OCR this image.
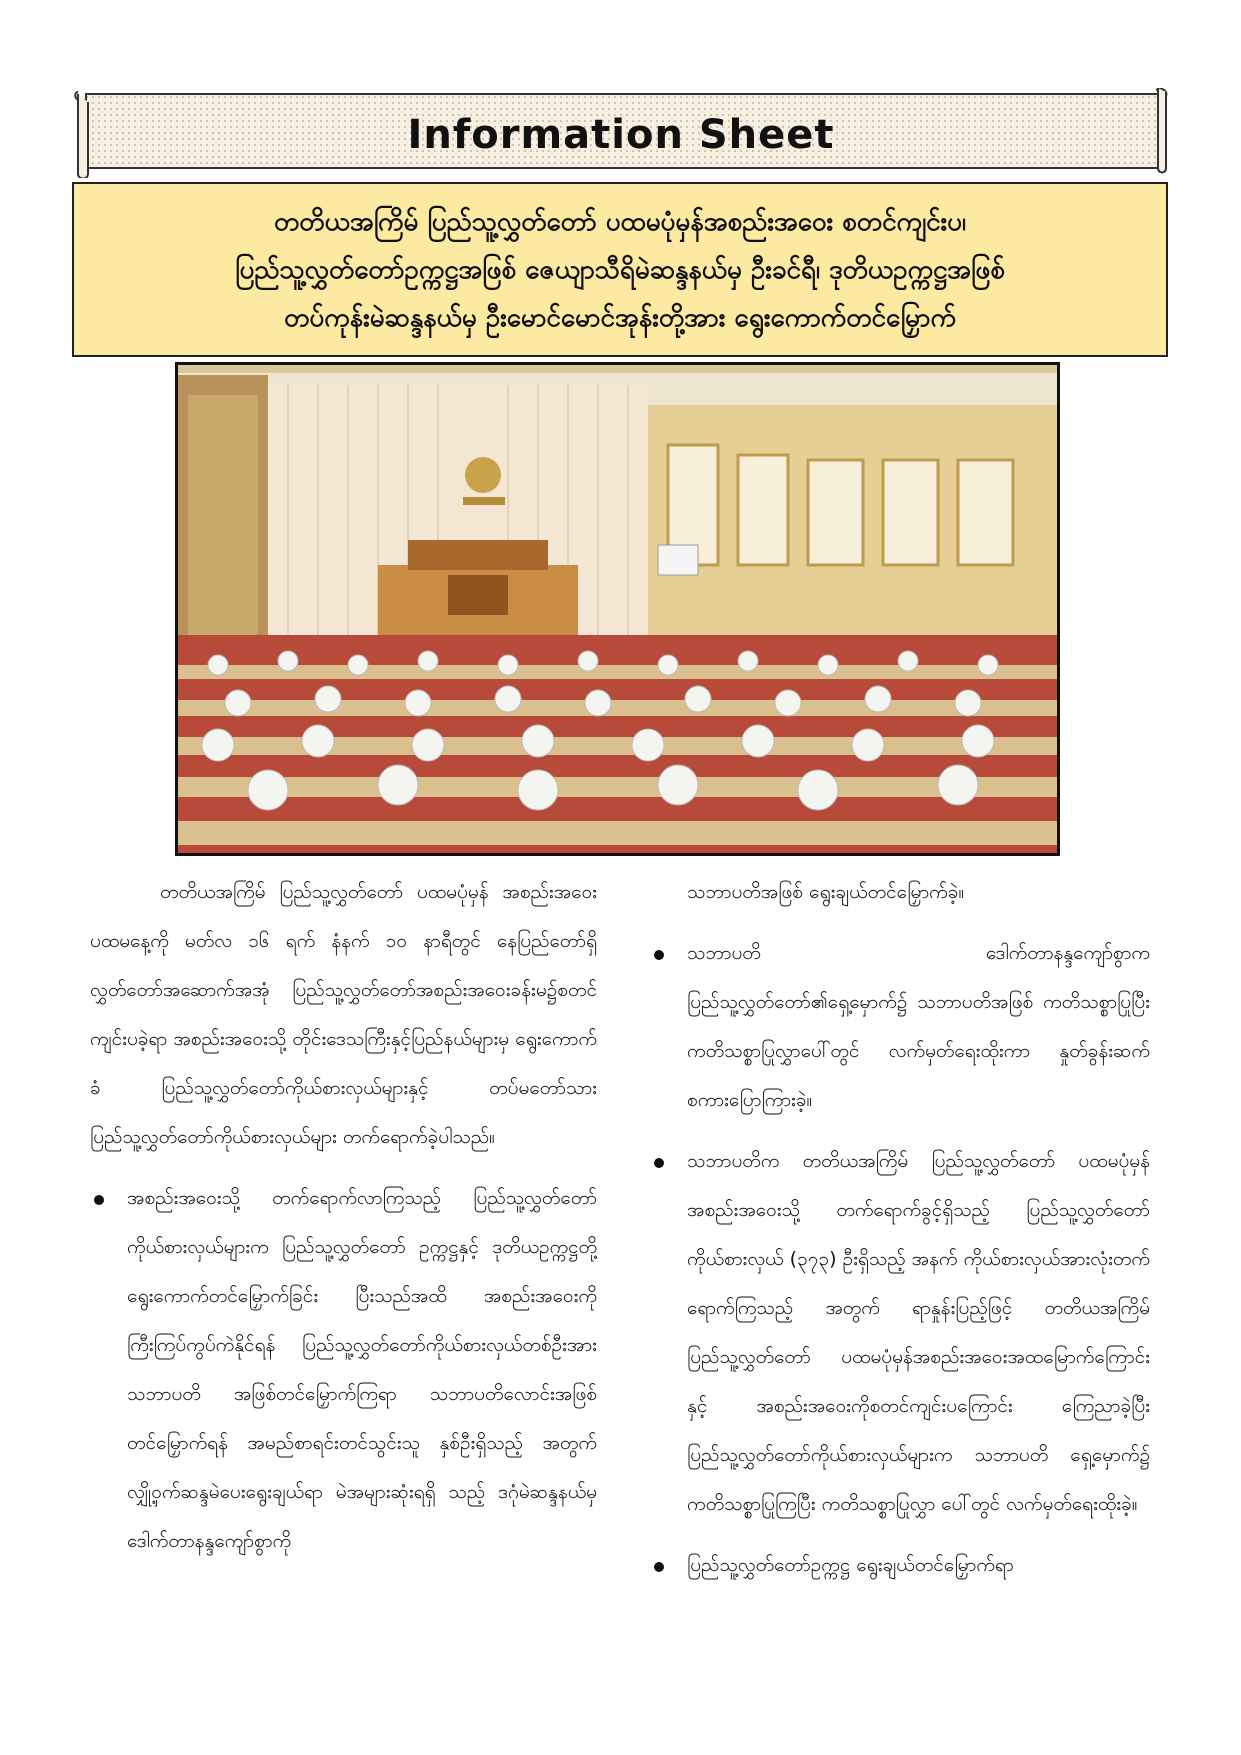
Information Sheet
တတိယအကြိမ် ပြည်သူ့လွှတ်တော် ပထမပုံမှန်အစည်းအဝေး စတင်ကျင်းပ၊
ပြည်သူ့လွှတ်တော်ဥက္ကဋ္ဌအဖြစ် ဇေယျာသီရိမဲဆန္ဒနယ်မှ ဦးခင်ရီ၊ ဒုတိယဥက္ကဋ္ဌအဖြစ်
တပ်ကုန်းမဲဆန္ဒနယ်မှ ဦးမောင်မောင်အုန်းတို့အား ရွေးကောက်တင်မြှောက်

တတိယအကြိမ် ပြည်သူ့လွှတ်တော် ပထမပုံမှန် အစည်းအဝေးပထမနေ့ကို မတ်လ ၁၆ ရက် နံနက် ၁၀ နာရီတွင် နေပြည်တော်ရှိ လွှတ်တော်အဆောက်အအုံ ပြည်သူ့လွှတ်တော်အစည်းအဝေးခန်းမ၌စတင်ကျင်းပခဲ့ရာ အစည်းအဝေးသို့ တိုင်းဒေသကြီးနှင့်ပြည်နယ်များမှ ရွေးကောက်ခံ ပြည်သူ့လွှတ်တော်ကိုယ်စားလှယ်များနှင့် တပ်မတော်သား ပြည်သူ့လွှတ်တော်ကိုယ်စားလှယ်များ တက်ရောက်ခဲ့ပါသည်။

အစည်းအဝေးသို့ တက်ရောက်လာကြသည့် ပြည်သူ့လွှတ်တော်ကိုယ်စားလှယ်များက ပြည်သူ့လွှတ်တော် ဥက္ကဋ္ဌနှင့် ဒုတိယဥက္ကဋ္ဌတို့ ရွေးကောက်တင်မြှောက်ခြင်း ပြီးသည်အထိ အစည်းအဝေးကို ကြီးကြပ်ကွပ်ကဲနိုင်ရန် ပြည်သူ့လွှတ်တော်ကိုယ်စားလှယ်တစ်ဦးအား သဘာပတိ အဖြစ်တင်မြှောက်ကြရာ သဘာပတိလောင်းအဖြစ် တင်မြှောက်ရန် အမည်စာရင်းတင်သွင်းသူ နှစ်ဦးရှိသည့် အတွက် လျှို့ဝှက်ဆန္ဒမဲပေးရွေးချယ်ရာ မဲအများဆုံးရရှိ သည့် ဒဂုံမဲဆန္ဒနယ်မှ ဒေါက်တာနန္ဒကျော်စွာကို

သဘာပတိအဖြစ် ရွေးချယ်တင်မြှောက်ခဲ့။

သဘာပတိ ဒေါက်တာနန္ဒကျော်စွာက ပြည်သူ့လွှတ်တော်၏ရှေ့မှောက်၌ သဘာပတိအဖြစ် ကတိသစ္စာပြုပြီး ကတိသစ္စာပြုလွှာပေါ်တွင် လက်မှတ်ရေးထိုးကာ နှုတ်ခွန်းဆက်စကားပြောကြားခဲ့။

သဘာပတိက တတိယအကြိမ် ပြည်သူ့လွှတ်တော် ပထမပုံမှန်အစည်းအဝေးသို့ တက်ရောက်ခွင့်ရှိသည့် ပြည်သူ့လွှတ်တော်ကိုယ်စားလှယ် (၃၇၃) ဦးရှိသည့် အနက် ကိုယ်စားလှယ်အားလုံးတက်ရောက်ကြသည့် အတွက် ရာနှုန်းပြည့်ဖြင့် တတိယအကြိမ် ပြည်သူ့လွှတ်တော် ပထမပုံမှန်အစည်းအဝေးအထမြောက်ကြောင်း နှင့် အစည်းအဝေးကိုစတင်ကျင်းပကြောင်း ကြေညာခဲ့ပြီး ပြည်သူ့လွှတ်တော်ကိုယ်စားလှယ်များက သဘာပတိ ရှေ့မှောက်၌ ကတိသစ္စာပြုကြပြီး ကတိသစ္စာပြုလွှာ ပေါ်တွင် လက်မှတ်ရေးထိုးခဲ့။

ပြည်သူ့လွှတ်တော်ဥက္ကဋ္ဌ ရွေးချယ်တင်မြှောက်ရာ
